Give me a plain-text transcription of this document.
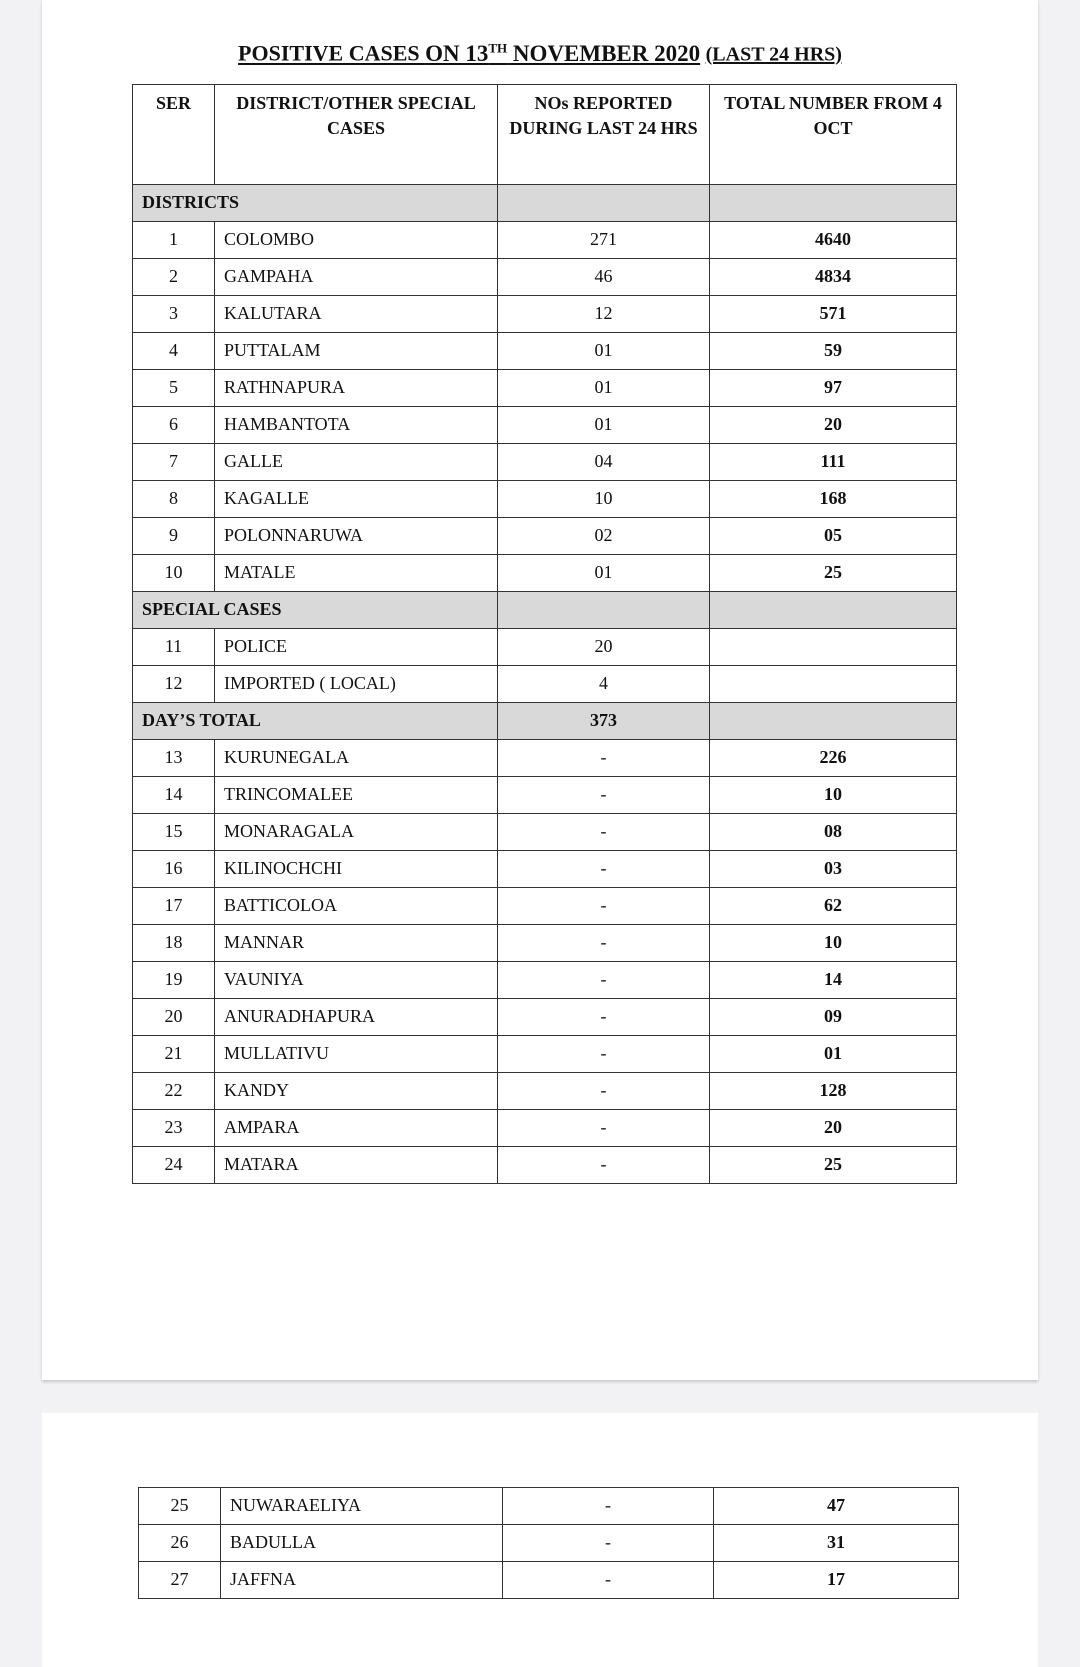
POSITIVE CASES ON 13TH NOVEMBER 2020 (LAST 24 HRS)
SER	DISTRICT/OTHER SPECIAL CASES	NOs REPORTED DURING LAST 24 HRS	TOTAL NUMBER FROM 4 OCT
DISTRICTS			
1	COLOMBO	271	4640
2	GAMPAHA	46	4834
3	KALUTARA	12	571
4	PUTTALAM	01	59
5	RATHNAPURA	01	97
6	HAMBANTOTA	01	20
7	GALLE	04	111
8	KAGALLE	10	168
9	POLONNARUWA	02	05
10	MATALE	01	25
SPECIAL CASES			
11	POLICE	20	
12	IMPORTED ( LOCAL)	4	
DAY’S TOTAL		373	
13	KURUNEGALA	-	226
14	TRINCOMALEE	-	10
15	MONARAGALA	-	08
16	KILINOCHCHI	-	03
17	BATTICOLOA	-	62
18	MANNAR	-	10
19	VAUNIYA	-	14
20	ANURADHAPURA	-	09
21	MULLATIVU	-	01
22	KANDY	-	128
23	AMPARA	-	20
24	MATARA	-	25
25	NUWARAELIYA	-	47
26	BADULLA	-	31
27	JAFFNA	-	17
